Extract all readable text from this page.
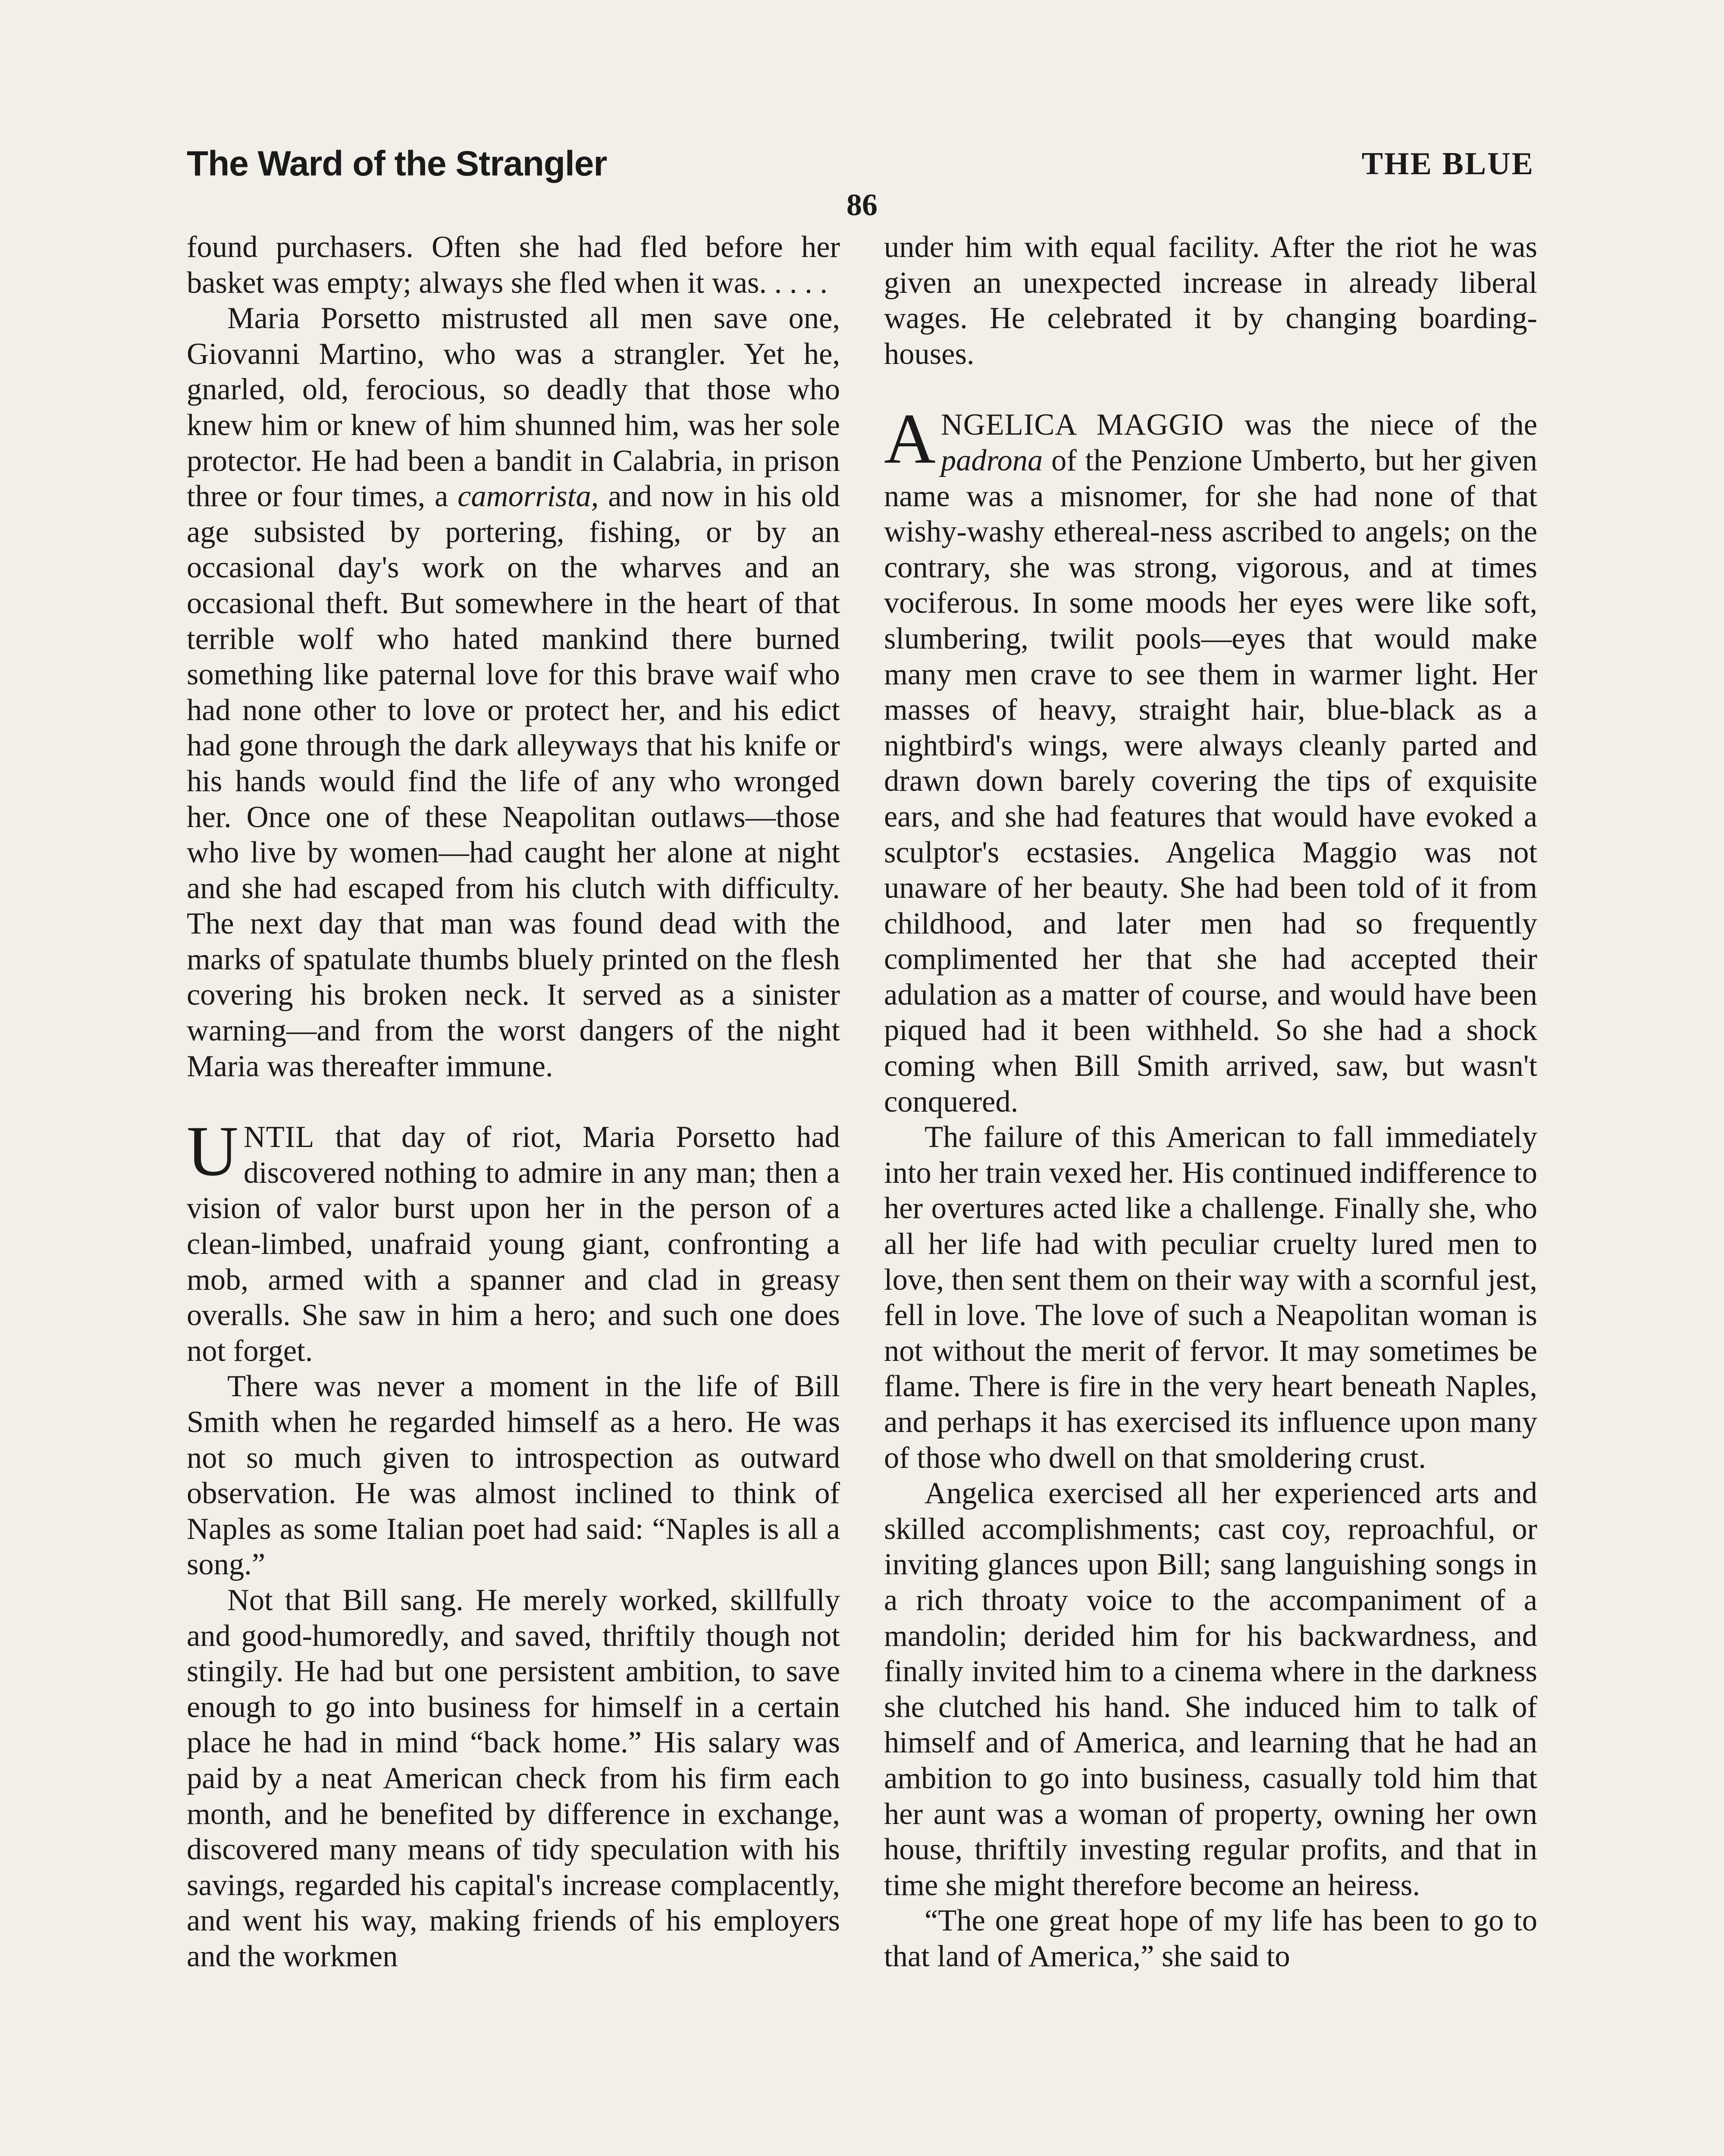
The Ward of the Strangler	THE BLUE
86

found purchasers. Often she had fled before her basket was empty; always she fled when it was. . . . .

Maria Porsetto mistrusted all men save one, Giovanni Martino, who was a strangler. Yet he, gnarled, old, ferocious, so deadly that those who knew him or knew of him shunned him, was her sole protector. He had been a bandit in Calabria, in prison three or four times, a camorrista, and now in his old age subsisted by portering, fishing, or by an occasional day's work on the wharves and an occasional theft. But somewhere in the heart of that terrible wolf who hated mankind there burned something like paternal love for this brave waif who had none other to love or protect her, and his edict had gone through the dark alleyways that his knife or his hands would find the life of any who wronged her. Once one of these Neapolitan outlaws—those who live by women—had caught her alone at night and she had escaped from his clutch with difficulty. The next day that man was found dead with the marks of spatulate thumbs bluely printed on the flesh covering his broken neck. It served as a sinister warning—and from the worst dangers of the night Maria was thereafter immune.

UNTIL that day of riot, Maria Porsetto had discovered nothing to admire in any man; then a vision of valor burst upon her in the person of a clean-limbed, unafraid young giant, confronting a mob, armed with a spanner and clad in greasy overalls. She saw in him a hero; and such one does not forget.

There was never a moment in the life of Bill Smith when he regarded himself as a hero. He was not so much given to introspection as outward observation. He was almost inclined to think of Naples as some Italian poet had said: “Naples is all a song.”

Not that Bill sang. He merely worked, skillfully and good-humoredly, and saved, thriftily though not stingily. He had but one persistent ambition, to save enough to go into business for himself in a certain place he had in mind “back home.” His salary was paid by a neat American check from his firm each month, and he benefited by difference in exchange, discovered many means of tidy speculation with his savings, regarded his capital's increase complacently, and went his way, making friends of his employers and the workmen

under him with equal facility. After the riot he was given an unexpected increase in already liberal wages. He celebrated it by changing boarding-houses.

ANGELICA MAGGIO was the niece of the padrona of the Penzione Umberto, but her given name was a misnomer, for she had none of that wishy-washy ethereal-ness ascribed to angels; on the contrary, she was strong, vigorous, and at times vociferous. In some moods her eyes were like soft, slumbering, twilit pools—eyes that would make many men crave to see them in warmer light. Her masses of heavy, straight hair, blue-black as a nightbird's wings, were always cleanly parted and drawn down barely covering the tips of exquisite ears, and she had features that would have evoked a sculptor's ecstasies. Angelica Maggio was not unaware of her beauty. She had been told of it from childhood, and later men had so frequently complimented her that she had accepted their adulation as a matter of course, and would have been piqued had it been withheld. So she had a shock coming when Bill Smith arrived, saw, but wasn't conquered.

The failure of this American to fall immediately into her train vexed her. His continued indifference to her overtures acted like a challenge. Finally she, who all her life had with peculiar cruelty lured men to love, then sent them on their way with a scornful jest, fell in love. The love of such a Neapolitan woman is not without the merit of fervor. It may sometimes be flame. There is fire in the very heart beneath Naples, and perhaps it has exercised its influence upon many of those who dwell on that smoldering crust.

Angelica exercised all her experienced arts and skilled accomplishments; cast coy, reproachful, or inviting glances upon Bill; sang languishing songs in a rich throaty voice to the accompaniment of a mandolin; derided him for his backwardness, and finally invited him to a cinema where in the darkness she clutched his hand. She induced him to talk of himself and of America, and learning that he had an ambition to go into business, casually told him that her aunt was a woman of property, owning her own house, thriftily investing regular profits, and that in time she might therefore become an heiress.

“The one great hope of my life has been to go to that land of America,” she said to
